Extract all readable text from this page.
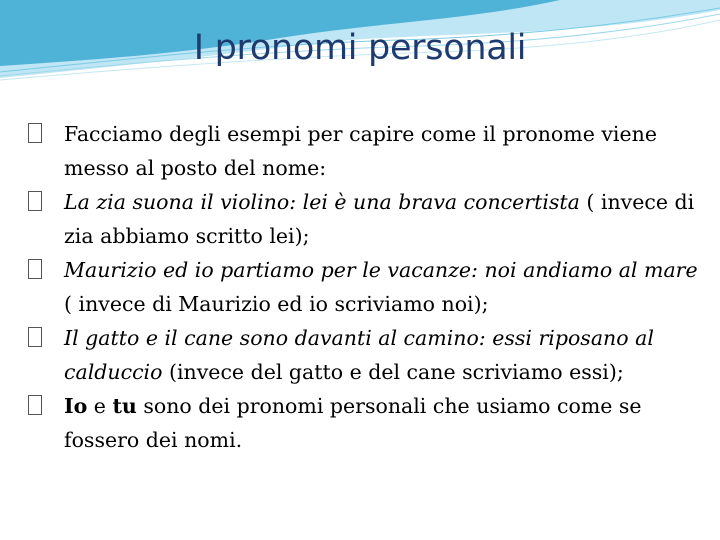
I pronomi personali

Facciamo degli esempi per capire come il pronome viene messo al posto del nome:

La zia suona il violino: lei è una brava concertista ( invece di zia abbiamo scritto lei);

Maurizio ed io partiamo per le vacanze: noi andiamo al mare ( invece di Maurizio ed io scriviamo noi);

Il gatto e il cane sono davanti al camino: essi riposano al calduccio (invece del gatto e del cane scriviamo essi);

Io e tu sono dei pronomi personali che usiamo come se fossero dei nomi.
